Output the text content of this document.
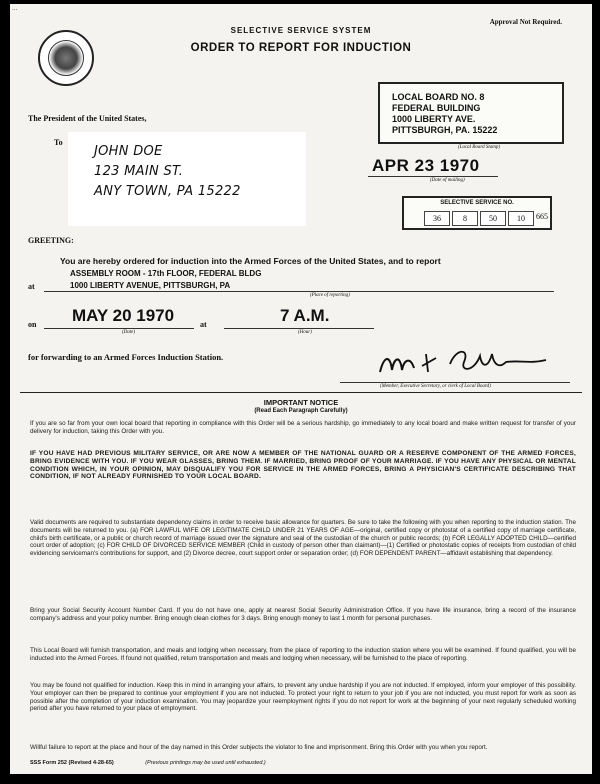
...
Approval Not Required.
SELECTIVE SERVICE SYSTEM
ORDER TO REPORT FOR INDUCTION
LOCAL BOARD NO. 8
FEDERAL BUILDING
1000 LIBERTY AVE.
PITTSBURGH, PA. 15222
(Local Board Stamp)
The President of the United States,
To
JOHN DOE
123 MAIN ST.
ANY TOWN, PA 15222
APR 23 1970
(Date of mailing)
SELECTIVE SERVICE NO.
36	8	50	10	665
GREETING:
You are hereby ordered for induction into the Armed Forces of the United States, and to report
ASSEMBLY ROOM - 17th FLOOR, FEDERAL BLDG
at	1000 LIBERTY AVENUE, PITTSBURGH, PA
(Place of reporting)
on MAY 20 1970	at	7 A.M.
(Date)	(Hour)
for forwarding to an Armed Forces Induction Station.
(Member, Executive Secretary, or clerk of Local Board)
IMPORTANT NOTICE
(Read Each Paragraph Carefully)
If you are so far from your own local board that reporting in compliance with this Order will be a serious hardship, go immediately to any local board and make written request for transfer of your delivery for induction, taking this Order with you.
IF YOU HAVE HAD PREVIOUS MILITARY SERVICE, OR ARE NOW A MEMBER OF THE NATIONAL GUARD OR A RESERVE COMPONENT OF THE ARMED FORCES, BRING EVIDENCE WITH YOU. IF YOU WEAR GLASSES, BRING THEM. IF MARRIED, BRING PROOF OF YOUR MARRIAGE. IF YOU HAVE ANY PHYSICAL OR MENTAL CONDITION WHICH, IN YOUR OPINION, MAY DISQUALIFY YOU FOR SERVICE IN THE ARMED FORCES, BRING A PHYSICIAN'S CERTIFICATE DESCRIBING THAT CONDITION, IF NOT ALREADY FURNISHED TO YOUR LOCAL BOARD.
Valid documents are required to substantiate dependency claims in order to receive basic allowance for quarters. Be sure to take the following with you when reporting to the induction station. The documents will be returned to you. (a) FOR LAWFUL WIFE OR LEGITIMATE CHILD UNDER 21 YEARS OF AGE—original, certified copy or photostat of a certified copy of marriage certificate, child's birth certificate, or a public or church record of marriage issued over the signature and seal of the custodian of the church or public records; (b) FOR LEGALLY ADOPTED CHILD—certified court order of adoption; (c) FOR CHILD OF DIVORCED SERVICE MEMBER (Child in custody of person other than claimant)—(1) Certified or photostatic copies of receipts from custodian of child evidencing serviceman's contributions for support, and (2) Divorce decree, court support order or separation order; (d) FOR DEPENDENT PARENT—affidavit establishing that dependency.
Bring your Social Security Account Number Card. If you do not have one, apply at nearest Social Security Administration Office. If you have life insurance, bring a record of the insurance company's address and your policy number. Bring enough clean clothes for 3 days. Bring enough money to last 1 month for personal purchases.
This Local Board will furnish transportation, and meals and lodging when necessary, from the place of reporting to the induction station where you will be examined. If found qualified, you will be inducted into the Armed Forces. If found not qualified, return transportation and meals and lodging when necessary, will be furnished to the place of reporting.
You may be found not qualified for induction. Keep this in mind in arranging your affairs, to prevent any undue hardship if you are not inducted. If employed, inform your employer of this possibility. Your employer can then be prepared to continue your employment if you are not inducted. To protect your right to return to your job if you are not inducted, you must report for work as soon as possible after the completion of your induction examination. You may jeopardize your reemployment rights if you do not report for work at the beginning of your next regularly scheduled working period after you have returned to your place of employment.
Willful failure to report at the place and hour of the day named in this Order subjects the violator to fine and imprisonment. Bring this Order with you when you report.
SSS Form 252 (Revised 4-28-65)	(Previous printings may be used until exhausted.)
